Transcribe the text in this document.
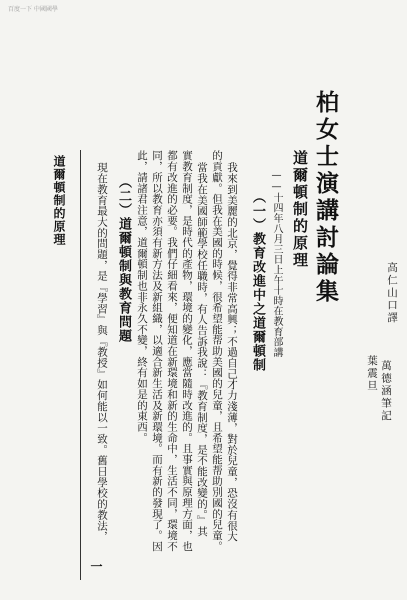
百度一下 中國國學
柏女士演講討論集	高仁山口譯
葉震旦 萬德涵筆記
道爾頓制的原理
——十四年八月三日上午十時在教育部講
（一）教育改進中之道爾頓制
我來到美麗的北京，覺得非常高興；不過自己才力淺薄，對於兒童，恐沒有很大
的貢獻。但我在美國的時候，很希望能帮助美國的兒童，且希望能帮助別國的兒童。
當我在美國師範學校任職時，有人告訴我說：『教育制度，是不能改變的。』其
實教育制度，是時代的產物，環境的變化，應當隨時改進的。且事實與原理方面，也
都有改進的必要。我們仔細看來，便知道在新環境和新的生命中，生活不同，環境不
同，所以教育亦須有新方法及新組織，以適合新生活及新環境。而有新的發現了。因
此，請諸君注意，道爾頓制也非永久不變，終有如是的東西。
（二）道爾頓制與教育問題
現在教育最大的問題，是『學習』與『教授』如何能以一致。舊日學校的教法，
一
道爾頓制的原理
